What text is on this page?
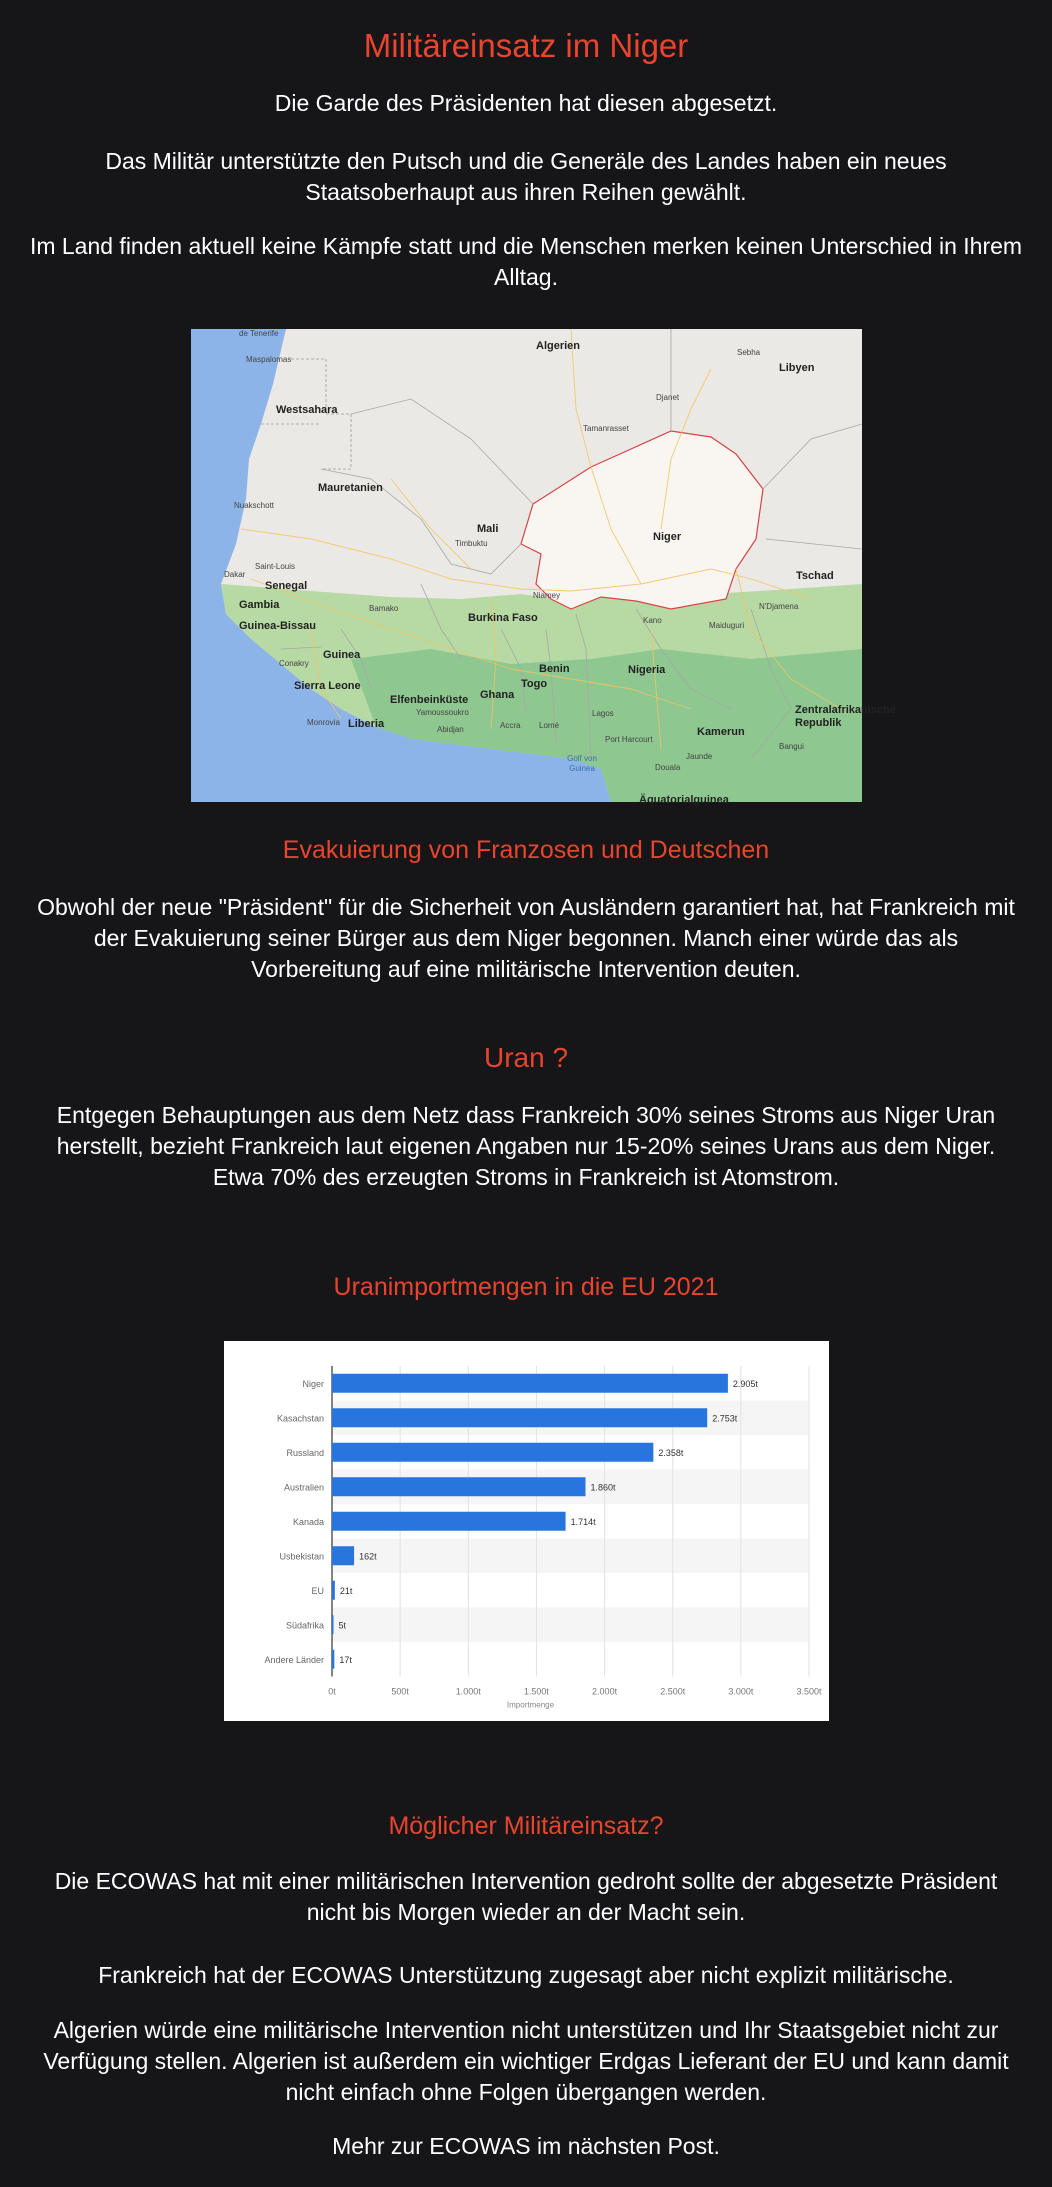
Militäreinsatz im Niger
Die Garde des Präsidenten hat diesen abgesetzt.
Das Militär unterstützte den Putsch und die Generäle des Landes haben ein neues Staatsoberhaupt aus ihren Reihen gewählt.
Im Land finden aktuell keine Kämpfe statt und die Menschen merken keinen Unterschied in Ihrem Alltag.
de Tenerife
Maspalomas
Algerien
Sebha
Libyen
Djanet
Westsahara
Tamanrasset
Mauretanien
Nuakschott
Mali
Timbuktu
Niger
Saint-Louis
Dakar
Senegal
Tschad
Niamey
Gambia	Bamako
Burkina Faso	Kano
N'Djamena
Maiduguri
Guinea-Bissau
Guinea
Conakry	Benin	Nigeria
Togo
Sierra Leone
Ghana
Elfenbeinküste
Yamoussoukro	Zentralafrikanische Republik
Lagos
Monrovia Liberia	Accra Lomé
Abidjan	Kamerun
Port Harcourt
Bangui
Jaunde
Golf von Guinea	Douala
Äquatorialguinea
Evakuierung von Franzosen und Deutschen
Obwohl der neue "Präsident" für die Sicherheit von Ausländern garantiert hat, hat Frankreich mit der Evakuierung seiner Bürger aus dem Niger begonnen. Manch einer würde das als Vorbereitung auf eine militärische Intervention deuten.
Uran ?
Entgegen Behauptungen aus dem Netz dass Frankreich 30% seines Stroms aus Niger Uran herstellt, bezieht Frankreich laut eigenen Angaben nur 15-20% seines Urans aus dem Niger. Etwa 70% des erzeugten Stroms in Frankreich ist Atomstrom.
Uranimportmengen in die EU 2021
0t	500t	1.000t	1.500t	2.000t	2.500t	3.000t	3.500t
Niger	2.905t
Kasachstan	2.753t
Russland	2.358t
Australien	1.860t
Kanada	1.714t
Usbekistan	162t
EU 21t
Südafrika 5t
Andere Länder 17t
Importmenge
Möglicher Militäreinsatz?
Die ECOWAS hat mit einer militärischen Intervention gedroht sollte der abgesetzte Präsident nicht bis Morgen wieder an der Macht sein.
Frankreich hat der ECOWAS Unterstützung zugesagt aber nicht explizit militärische.
Algerien würde eine militärische Intervention nicht unterstützen und Ihr Staatsgebiet nicht zur Verfügung stellen. Algerien ist außerdem ein wichtiger Erdgas Lieferant der EU und kann damit nicht einfach ohne Folgen übergangen werden.
Mehr zur ECOWAS im nächsten Post.
